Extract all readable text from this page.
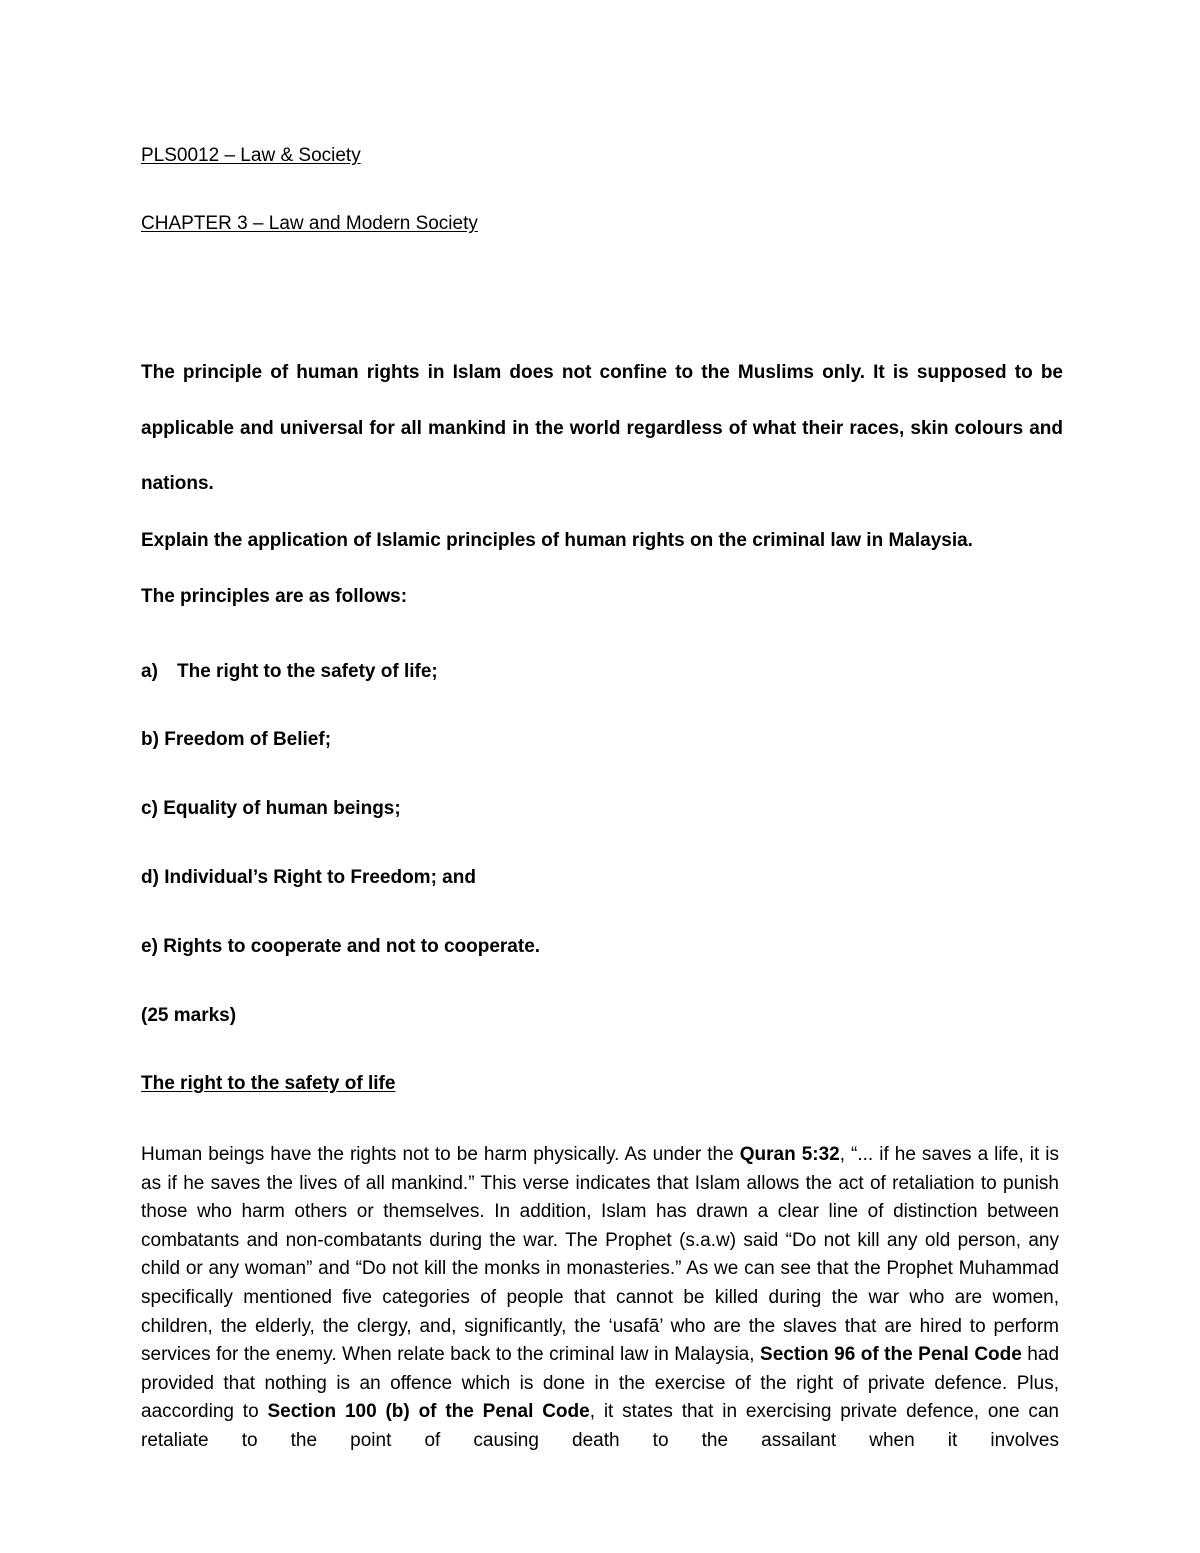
PLS0012 – Law & Society
CHAPTER 3 – Law and Modern Society
The principle of human rights in Islam does not confine to the Muslims only. It is supposed to be applicable and universal for all mankind in the world regardless of what their races, skin colours and nations.
Explain the application of Islamic principles of human rights on the criminal law in Malaysia.
The principles are as follows:
a) The right to the safety of life;
b) Freedom of Belief;
c) Equality of human beings;
d) Individual’s Right to Freedom; and
e) Rights to cooperate and not to cooperate.
(25 marks)
The right to the safety of life
Human beings have the rights not to be harm physically. As under the Quran 5:32, “... if he saves a life, it is as if he saves the lives of all mankind.” This verse indicates that Islam allows the act of retaliation to punish those who harm others or themselves. In addition, Islam has drawn a clear line of distinction between combatants and non-combatants during the war. The Prophet (s.a.w) said “Do not kill any old person, any child or any woman” and “Do not kill the monks in monasteries.” As we can see that the Prophet Muhammad specifically mentioned five categories of people that cannot be killed during the war who are women, children, the elderly, the clergy, and, significantly, the ‘usafā’ who are the slaves that are hired to perform services for the enemy. When relate back to the criminal law in Malaysia, Section 96 of the Penal Code had provided that nothing is an offence which is done in the exercise of the right of private defence. Plus, aaccording to Section 100 (b) of the Penal Code, it states that in exercising private defence, one can retaliate to the point of causing death to the assailant when it involves
